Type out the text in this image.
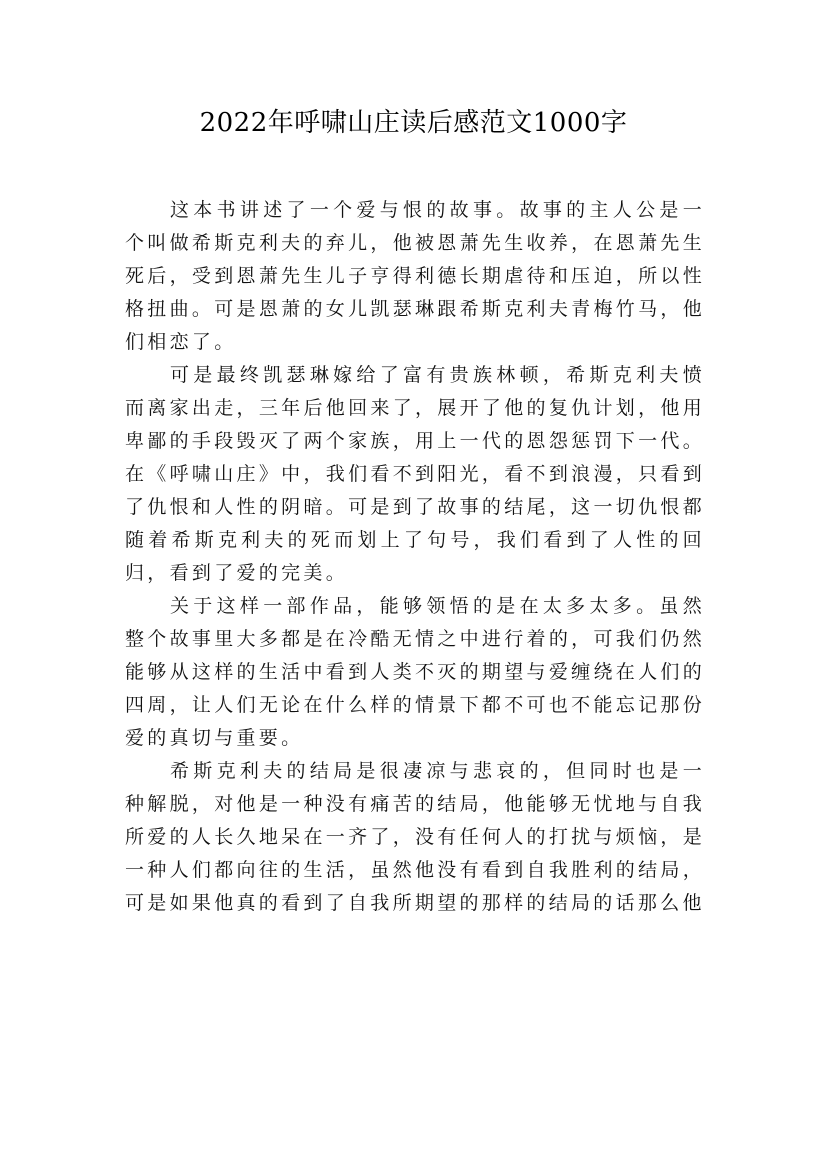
2022年呼啸山庄读后感范文1000字

这本书讲述了一个爱与恨的故事。故事的主人公是一个叫做希斯克利夫的弃儿，他被恩萧先生收养，在恩萧先生死后，受到恩萧先生儿子亨得利德长期虐待和压迫，所以性格扭曲。可是恩萧的女儿凯瑟琳跟希斯克利夫青梅竹马，他们相恋了。

可是最终凯瑟琳嫁给了富有贵族林顿，希斯克利夫愤而离家出走，三年后他回来了，展开了他的复仇计划，他用卑鄙的手段毁灭了两个家族，用上一代的恩怨惩罚下一代。在《呼啸山庄》中，我们看不到阳光，看不到浪漫，只看到了仇恨和人性的阴暗。可是到了故事的结尾，这一切仇恨都随着希斯克利夫的死而划上了句号，我们看到了人性的回归，看到了爱的完美。

关于这样一部作品，能够领悟的是在太多太多。虽然整个故事里大多都是在冷酷无情之中进行着的，可我们仍然能够从这样的生活中看到人类不灭的期望与爱缠绕在人们的四周，让人们无论在什么样的情景下都不可也不能忘记那份爱的真切与重要。

希斯克利夫的结局是很凄凉与悲哀的，但同时也是一种解脱，对他是一种没有痛苦的结局，他能够无忧地与自我所爱的人长久地呆在一齐了，没有任何人的打扰与烦恼，是一种人们都向往的生活，虽然他没有看到自我胜利的结局，可是如果他真的看到了自我所期望的那样的结局的话那么他
